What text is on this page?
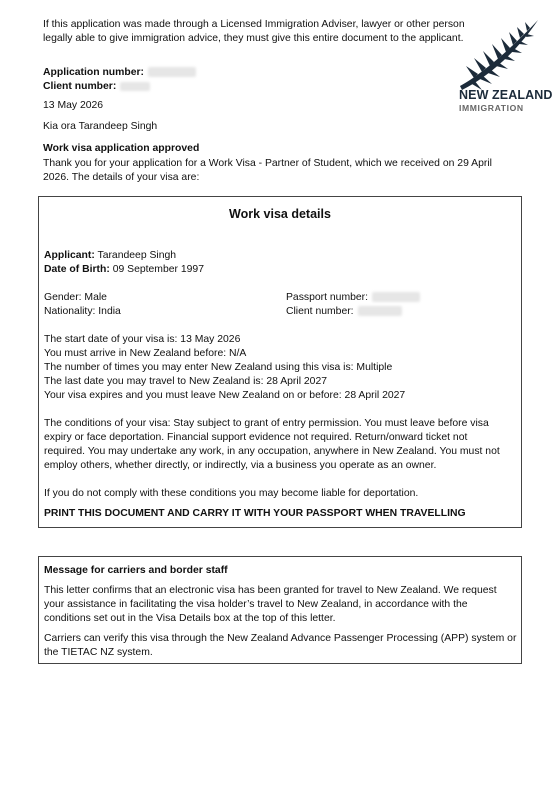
If this application was made through a Licensed Immigration Adviser, lawyer or other person
legally able to give immigration advice, they must give this entire document to the applicant.
NEW ZEALAND
IMMIGRATION
Application number:
Client number:
13 May 2026
Kia ora Tarandeep Singh
Work visa application approved
Thank you for your application for a Work Visa - Partner of Student, which we received on 29 April
2026. The details of your visa are:
Work visa details
Applicant: Tarandeep Singh
Date of Birth: 09 September 1997
Gender: Male
Nationality: India
Passport number:
Client number:
The start date of your visa is: 13 May 2026
You must arrive in New Zealand before: N/A
The number of times you may enter New Zealand using this visa is: Multiple
The last date you may travel to New Zealand is: 28 April 2027
Your visa expires and you must leave New Zealand on or before: 28 April 2027
The conditions of your visa: Stay subject to grant of entry permission. You must leave before visa
expiry or face deportation. Financial support evidence not required. Return/onward ticket not
required. You may undertake any work, in any occupation, anywhere in New Zealand. You must not
employ others, whether directly, or indirectly, via a business you operate as an owner.
If you do not comply with these conditions you may become liable for deportation.
PRINT THIS DOCUMENT AND CARRY IT WITH YOUR PASSPORT WHEN TRAVELLING
Message for carriers and border staff
This letter confirms that an electronic visa has been granted for travel to New Zealand. We request
your assistance in facilitating the visa holder’s travel to New Zealand, in accordance with the
conditions set out in the Visa Details box at the top of this letter.
Carriers can verify this visa through the New Zealand Advance Passenger Processing (APP) system or
the TIETAC NZ system.
